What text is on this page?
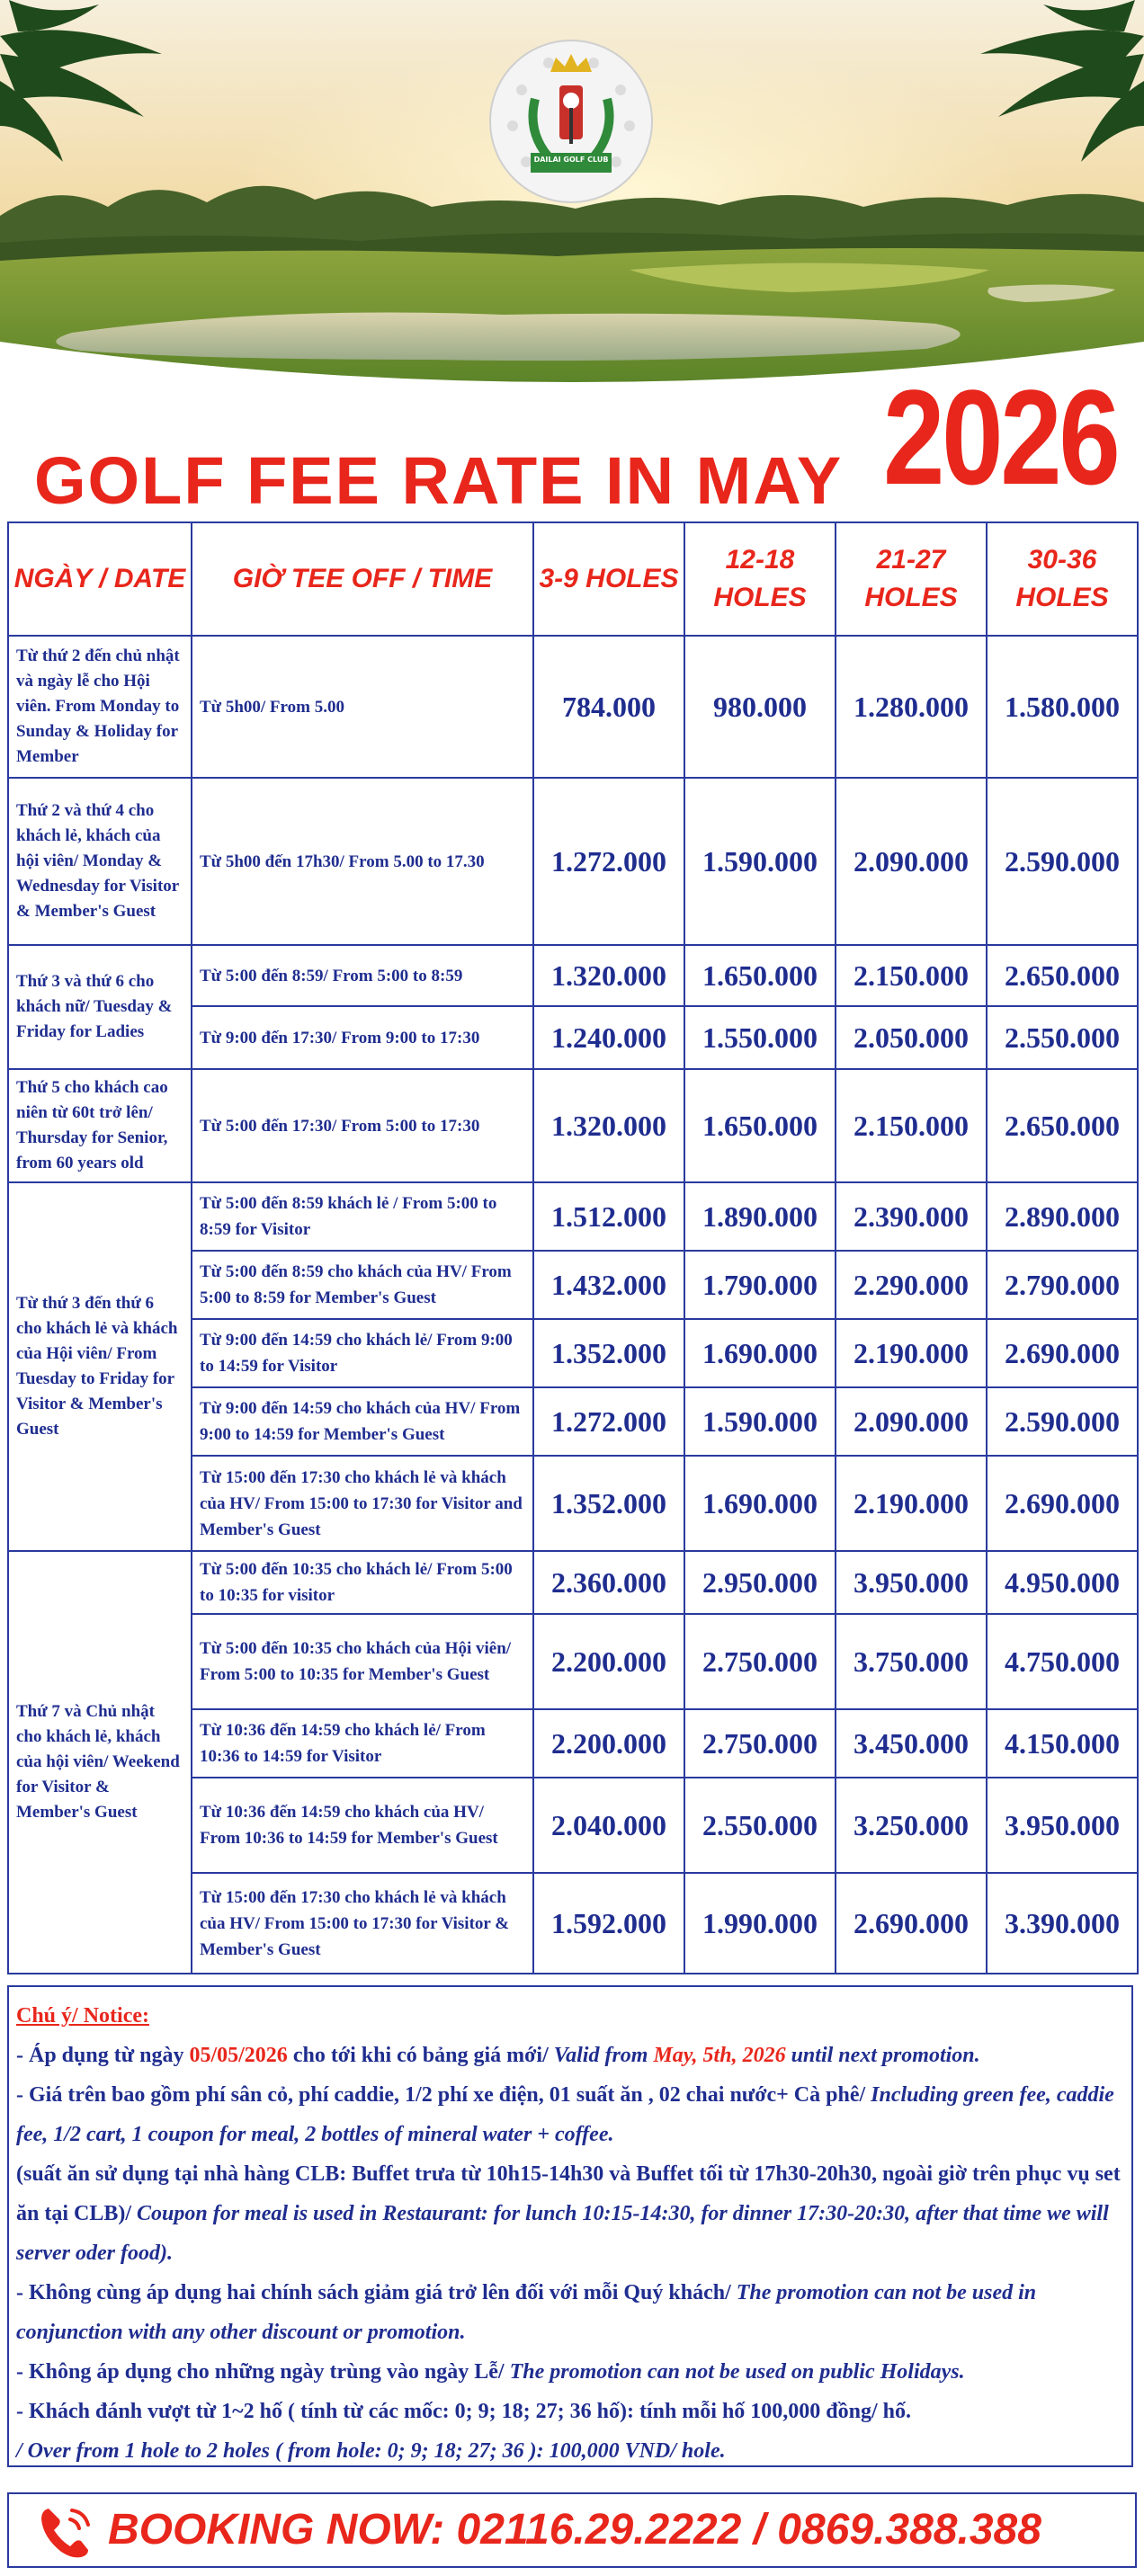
DAILAI GOLF CLUB
GOLF FEE RATE IN MAY 2026
NGÀY / DATE	GIỜ TEE OFF / TIME	3-9 HOLES	12-18 HOLES	21-27 HOLES	30-36 HOLES
Từ thứ 2 đến chủ nhật và ngày lễ cho Hội viên. From Monday to Sunday & Holiday for Member	Từ 5h00/ From 5.00	784.000	980.000	1.280.000	1.580.000
Thứ 2 và thứ 4 cho khách lẻ, khách của hội viên/ Monday & Wednesday for Visitor & Member's Guest	Từ 5h00 đến 17h30/ From 5.00 to 17.30	1.272.000	1.590.000	2.090.000	2.590.000
Thứ 3 và thứ 6 cho khách nữ/ Tuesday & Friday for Ladies	Từ 5:00 đến 8:59/ From 5:00 to 8:59	1.320.000	1.650.000	2.150.000	2.650.000
	Từ 9:00 đến 17:30/ From 9:00 to 17:30	1.240.000	1.550.000	2.050.000	2.550.000
Thứ 5 cho khách cao niên từ 60t trở lên/ Thursday for Senior, from 60 years old	Từ 5:00 đến 17:30/ From 5:00 to 17:30	1.320.000	1.650.000	2.150.000	2.650.000
Từ thứ 3 đến thứ 6 cho khách lẻ và khách của Hội viên/ From Tuesday to Friday for Visitor & Member's Guest	Từ 5:00 đến 8:59 khách lẻ / From 5:00 to 8:59 for Visitor	1.512.000	1.890.000	2.390.000	2.890.000
	Từ 5:00 đến 8:59 cho khách của HV/ From 5:00 to 8:59 for Member's Guest	1.432.000	1.790.000	2.290.000	2.790.000
	Từ 9:00 đến 14:59 cho khách lẻ/ From 9:00 to 14:59 for Visitor	1.352.000	1.690.000	2.190.000	2.690.000
	Từ 9:00 đến 14:59 cho khách của HV/ From 9:00 to 14:59 for Member's Guest	1.272.000	1.590.000	2.090.000	2.590.000
	Từ 15:00 đến 17:30 cho khách lẻ và khách của HV/ From 15:00 to 17:30 for Visitor and Member's Guest	1.352.000	1.690.000	2.190.000	2.690.000
Thứ 7 và Chủ nhật cho khách lẻ, khách của hội viên/ Weekend for Visitor & Member's Guest	Từ 5:00 đến 10:35 cho khách lẻ/ From 5:00 to 10:35 for visitor	2.360.000	2.950.000	3.950.000	4.950.000
	Từ 5:00 đến 10:35 cho khách của Hội viên/ From 5:00 to 10:35 for Member's Guest	2.200.000	2.750.000	3.750.000	4.750.000
	Từ 10:36 đến 14:59 cho khách lẻ/ From 10:36 to 14:59 for Visitor	2.200.000	2.750.000	3.450.000	4.150.000
	Từ 10:36 đến 14:59 cho khách của HV/ From 10:36 to 14:59 for Member's Guest	2.040.000	2.550.000	3.250.000	3.950.000
	Từ 15:00 đến 17:30 cho khách lẻ và khách của HV/ From 15:00 to 17:30 for Visitor & Member's Guest	1.592.000	1.990.000	2.690.000	3.390.000

Chú ý/ Notice:

- Áp dụng từ ngày 05/05/2026 cho tới khi có bảng giá mới/ Valid from May, 5th, 2026 until next promotion.

- Giá trên bao gồm phí sân cỏ, phí caddie, 1/2 phí xe điện, 01 suất ăn , 02 chai nước+ Cà phê/ Including green fee, caddie fee, 1/2 cart, 1 coupon for meal, 2 bottles of mineral water + coffee.

(suất ăn sử dụng tại nhà hàng CLB: Buffet trưa từ 10h15-14h30 và Buffet tối từ 17h30-20h30, ngoài giờ trên phục vụ set ăn tại CLB)/ Coupon for meal is used in Restaurant: for lunch 10:15-14:30, for dinner 17:30-20:30, after that time we will server oder food).

- Không cùng áp dụng hai chính sách giảm giá trở lên đối với mỗi Quý khách/ The promotion can not be used in conjunction with any other discount or promotion.

- Không áp dụng cho những ngày trùng vào ngày Lễ/ The promotion can not be used on public Holidays.

- Khách đánh vượt từ 1~2 hố ( tính từ các mốc: 0; 9; 18; 27; 36 hố): tính mỗi hố 100,000 đồng/ hố.

/ Over from 1 hole to 2 holes ( from hole: 0; 9; 18; 27; 36 ): 100,000 VND/ hole.

BOOKING NOW: 02116.29.2222 / 0869.388.388
